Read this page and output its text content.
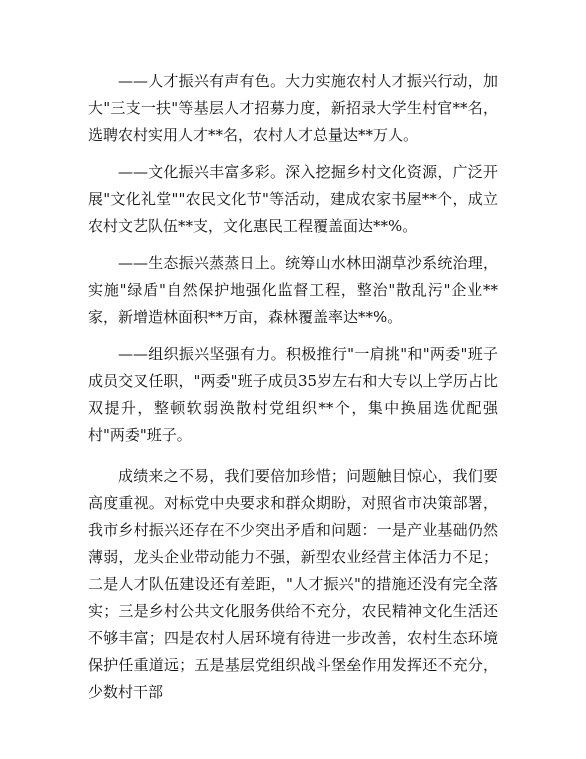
——人才振兴有声有色。大力实施农村人才振兴行动，加大"三支一扶"等基层人才招募力度，新招录大学生村官**名，选聘农村实用人才**名，农村人才总量达**万人。

——文化振兴丰富多彩。深入挖掘乡村文化资源，广泛开展"文化礼堂""农民文化节"等活动，建成农家书屋**个，成立农村文艺队伍**支，文化惠民工程覆盖面达**%。

——生态振兴蒸蒸日上。统筹山水林田湖草沙系统治理，实施"绿盾"自然保护地强化监督工程，整治"散乱污"企业**家，新增造林面积**万亩，森林覆盖率达**%。

——组织振兴坚强有力。积极推行"一肩挑"和"两委"班子成员交叉任职，"两委"班子成员35岁左右和大专以上学历占比双提升，整顿软弱涣散村党组织**个，集中换届选优配强村"两委"班子。

成绩来之不易，我们要倍加珍惜；问题触目惊心，我们要高度重视。对标党中央要求和群众期盼，对照省市决策部署，我市乡村振兴还存在不少突出矛盾和问题：一是产业基础仍然薄弱，龙头企业带动能力不强，新型农业经营主体活力不足；二是人才队伍建设还有差距，"人才振兴"的措施还没有完全落实；三是乡村公共文化服务供给不充分，农民精神文化生活还不够丰富；四是农村人居环境有待进一步改善，农村生态环境保护任重道远；五是基层党组织战斗堡垒作用发挥还不充分，少数村干部
